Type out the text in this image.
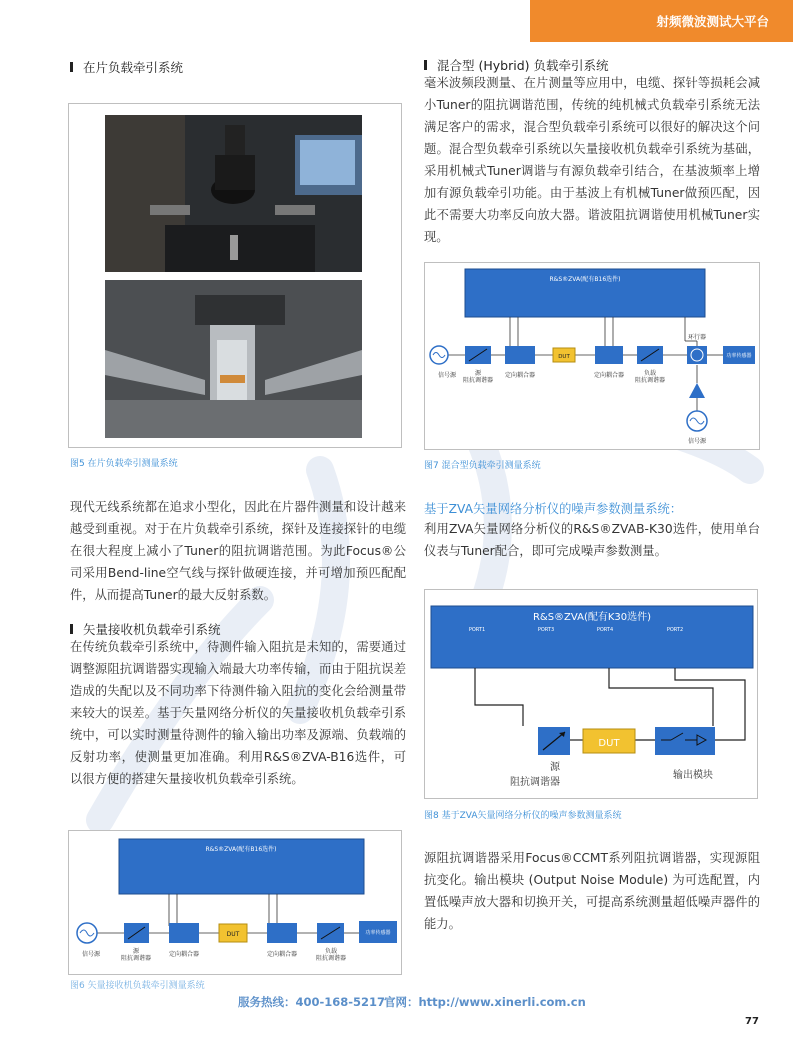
射频微波测试大平台
在片负载牵引系统
图5 在片负载牵引测量系统

现代无线系统都在追求小型化，因此在片器件测量和设计越来越受到重视。对于在片负载牵引系统，探针及连接探针的电缆在很大程度上减小了Tuner的阻抗调谐范围。为此Focus®公司采用Bend-line空气线与探针做硬连接，并可增加预匹配配件，从而提高Tuner的最大反射系数。

矢量接收机负载牵引系统

在传统负载牵引系统中，待测件输入阻抗是未知的，需要通过调整源阻抗调谐器实现输入端最大功率传输，而由于阻抗误差造成的失配以及不同功率下待测件输入阻抗的变化会给测量带来较大的误差。基于矢量网络分析仪的矢量接收机负载牵引系统中，可以实时测量待测件的输入输出功率及源端、负载端的反射功率，使测量更加准确。利用R&S®ZVA-B16选件，可以很方便的搭建矢量接收机负载牵引系统。

R&S®ZVA(配有B16选件)
DUT	功率传感器
信号源	源阻抗调谐器
定向耦合器	定向耦合器	负载阻抗调谐器
图6 矢量接收机负载牵引测量系统
混合型 (Hybrid) 负载牵引系统

毫米波频段测量、在片测量等应用中，电缆、探针等损耗会减小Tuner的阻抗调谐范围，传统的纯机械式负载牵引系统无法满足客户的需求，混合型负载牵引系统可以很好的解决这个问题。混合型负载牵引系统以矢量接收机负载牵引系统为基础，采用机械式Tuner调谐与有源负载牵引结合，在基波频率上增加有源负载牵引功能。由于基波上有机械Tuner做预匹配，因此不需要大功率反向放大器。谐波阻抗调谐使用机械Tuner实现。

R&S®ZVA(配有B16选件)
DUT	功率传感器
信号源	源阻抗调谐器
定向耦合器	定向耦合器	负载阻抗调谐器
环行器
信号源
图7 混合型负载牵引测量系统

基于ZVA矢量网络分析仪的噪声参数测量系统：

利用ZVA矢量网络分析仪的R&S®ZVAB-K30选件，使用单台仪表与Tuner配合，即可完成噪声参数测量。

R&S®ZVA(配有K30选件)
PORT1	PORT3	PORT4	PORT2
DUT
源
阻抗调谐器
输出模块
图8 基于ZVA矢量网络分析仪的噪声参数测量系统

源阻抗调谐器采用Focus®CCMT系列阻抗调谐器，实现源阻抗变化。输出模块 (Output Noise Module) 为可选配置，内置低噪声放大器和切换开关，可提高系统测量超低噪声器件的能力。

服务热线：400-168-5217
官网：http://www.xinerli.com.cn
77
